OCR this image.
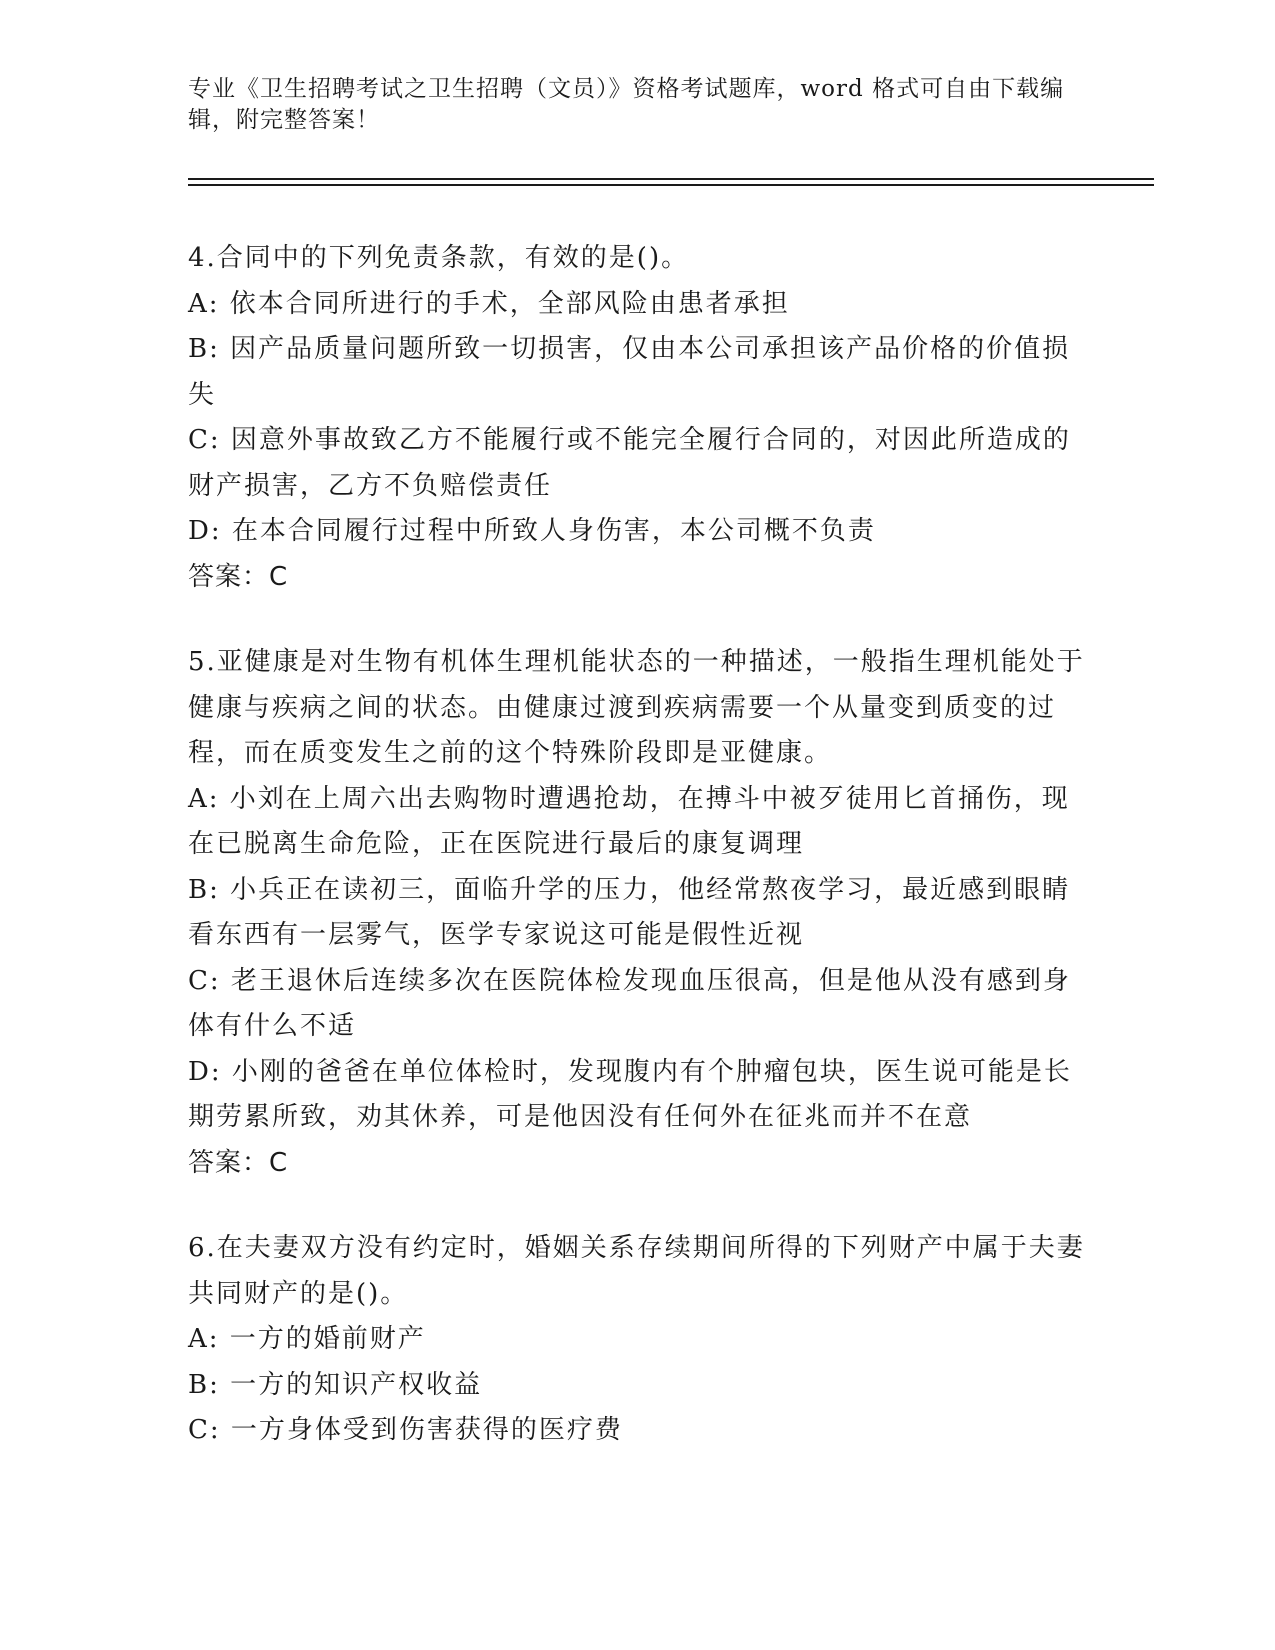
专业《卫生招聘考试之卫生招聘（文员）》资格考试题库，word 格式可自由下载编辑，附完整答案！

4.合同中的下列免责条款，有效的是()。

A: 依本合同所进行的手术，全部风险由患者承担

B: 因产品质量问题所致一切损害，仅由本公司承担该产品价格的价值损失

C: 因意外事故致乙方不能履行或不能完全履行合同的，对因此所造成的财产损害，乙方不负赔偿责任

D: 在本合同履行过程中所致人身伤害，本公司概不负责

答案：C

5.亚健康是对生物有机体生理机能状态的一种描述，一般指生理机能处于健康与疾病之间的状态。由健康过渡到疾病需要一个从量变到质变的过程，而在质变发生之前的这个特殊阶段即是亚健康。

A: 小刘在上周六出去购物时遭遇抢劫，在搏斗中被歹徒用匕首捅伤，现在已脱离生命危险，正在医院进行最后的康复调理

B: 小兵正在读初三，面临升学的压力，他经常熬夜学习，最近感到眼睛看东西有一层雾气，医学专家说这可能是假性近视

C: 老王退休后连续多次在医院体检发现血压很高，但是他从没有感到身体有什么不适

D: 小刚的爸爸在单位体检时，发现腹内有个肿瘤包块，医生说可能是长期劳累所致，劝其休养，可是他因没有任何外在征兆而并不在意

答案：C

6.在夫妻双方没有约定时，婚姻关系存续期间所得的下列财产中属于夫妻共同财产的是()。

A: 一方的婚前财产

B: 一方的知识产权收益

C: 一方身体受到伤害获得的医疗费
